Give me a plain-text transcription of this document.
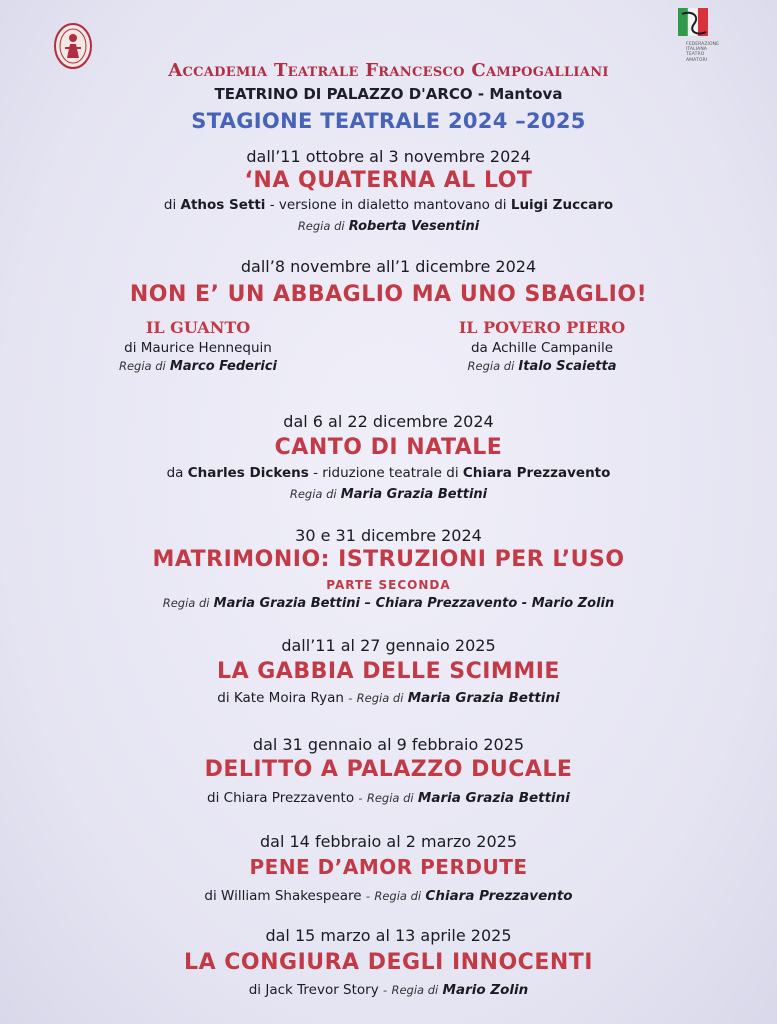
FEDERAZIONE ITALIANA TEATRO AMATORI
Accademia Teatrale Francesco Campogalliani
TEATRINO DI PALAZZO D'ARCO - Mantova
STAGIONE TEATRALE 2024 –2025
dall’11 ottobre al 3 novembre 2024
‘NA QUATERNA AL LOT
di Athos Setti - versione in dialetto mantovano di Luigi Zuccaro
Regia di Roberta Vesentini
dall’8 novembre all’1 dicembre 2024
NON E’ UN ABBAGLIO MA UNO SBAGLIO!
IL GUANTO
di Maurice Hennequin
Regia di Marco Federici
IL POVERO PIERO
da Achille Campanile
Regia di Italo Scaietta
dal 6 al 22 dicembre 2024
CANTO DI NATALE
da Charles Dickens - riduzione teatrale di Chiara Prezzavento
Regia di Maria Grazia Bettini
30 e 31 dicembre 2024
MATRIMONIO: ISTRUZIONI PER L’USO
PARTE SECONDA
Regia di Maria Grazia Bettini – Chiara Prezzavento - Mario Zolin
dall’11 al 27 gennaio 2025
LA GABBIA DELLE SCIMMIE
di Kate Moira Ryan - Regia di Maria Grazia Bettini
dal 31 gennaio al 9 febbraio 2025
DELITTO A PALAZZO DUCALE
di Chiara Prezzavento - Regia di Maria Grazia Bettini
dal 14 febbraio al 2 marzo 2025
PENE D’AMOR PERDUTE
di William Shakespeare - Regia di Chiara Prezzavento
dal 15 marzo al 13 aprile 2025
LA CONGIURA DEGLI INNOCENTI
di Jack Trevor Story - Regia di Mario Zolin
